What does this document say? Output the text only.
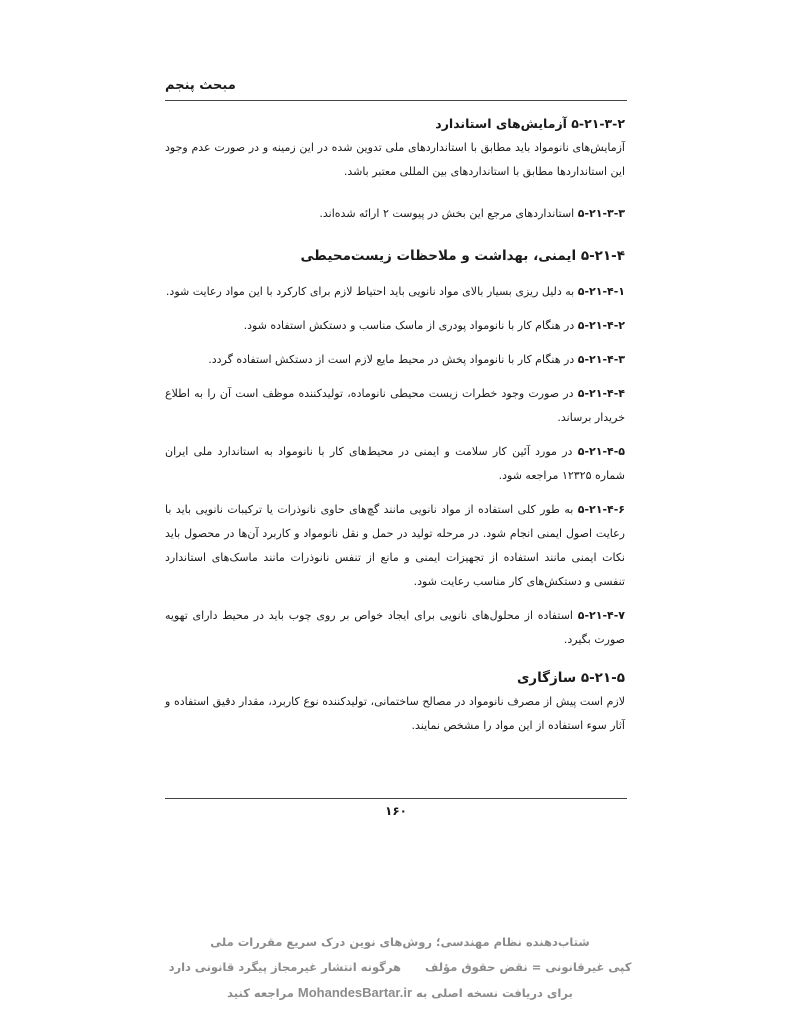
مبحث پنجم
۵-۲۱-۳-۲ آزمایش‌های استاندارد

آزمایش‌های نانومواد باید مطابق با استانداردهای ملی تدوین شده در این زمینه و در صورت عدم وجود این استانداردها مطابق با استانداردهای بین المللی معتبر باشد.

۵-۲۱-۳-۳ استانداردهای مرجع این بخش در پیوست ۲ ارائه شده‌اند.

۵-۲۱-۴ ایمنی، بهداشت و ملاحظات زیست‌محیطی

۵-۲۱-۴-۱ به دلیل ریزی بسیار بالای مواد نانویی باید احتیاط لازم برای کارکرد با این مواد رعایت شود.

۵-۲۱-۴-۲ در هنگام کار با نانومواد پودری از ماسک مناسب و دستکش استفاده شود.

۵-۲۱-۴-۳ در هنگام کار با نانومواد پخش در محیط مایع لازم است از دستکش استفاده گردد.

۵-۲۱-۴-۴ در صورت وجود خطرات زیست محیطی نانوماده، تولیدکننده موظف است آن را به اطلاع خریدار برساند.

۵-۲۱-۴-۵ در مورد آئین کار سلامت و ایمنی در محیط‌های کار با نانومواد به استاندارد ملی ایران شماره ۱۲۳۲۵ مراجعه شود.

۵-۲۱-۴-۶ به طور کلی استفاده از مواد نانویی مانند گچ‌های حاوی نانوذرات یا ترکیبات نانویی باید با رعایت اصول ایمنی انجام شود. در مرحله تولید در حمل و نقل نانومواد و کاربرد آن‌ها در محصول باید نکات ایمنی مانند استفاده از تجهیزات ایمنی و مانع از تنفس نانوذرات مانند ماسک‌های استاندارد تنفسی و دستکش‌های کار مناسب رعایت شود.

۵-۲۱-۴-۷ استفاده از محلول‌های نانویی برای ایجاد خواص بر روی چوب باید در محیط دارای تهویه صورت بگیرد.

۵-۲۱-۵ سازگاری

لازم است پیش از مصرف نانومواد در مصالح ساختمانی، تولیدکننده نوع کاربرد، مقدار دقیق استفاده و آثار سوء استفاده از این مواد را مشخص نمایند.

۱۶۰
شتاب‌دهنده نظام مهندسی؛ روش‌های نوین درک سریع مقررات ملی
کپی غیرقانونی = نقض حقوق مؤلف  هرگونه انتشار غیرمجاز پیگرد قانونی دارد
برای دریافت نسخه اصلی به MohandesBartar.ir مراجعه کنید
